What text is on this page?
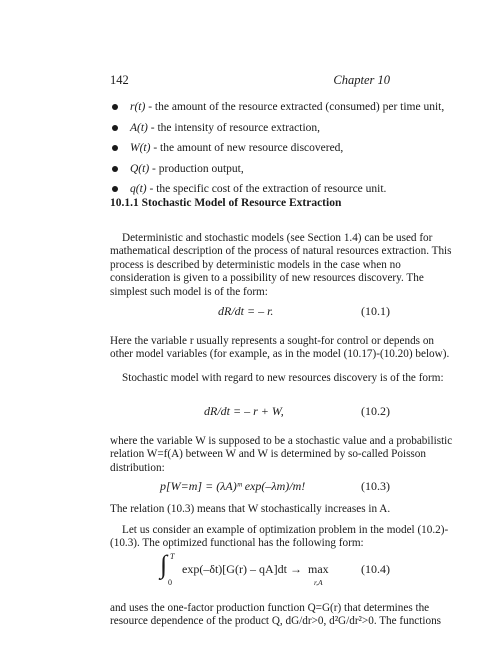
142	Chapter 10
r(t) - the amount of the resource extracted (consumed) per time unit,
A(t) - the intensity of resource extraction,
W(t) - the amount of new resource discovered,
Q(t) - production output,
q(t) - the specific cost of the extraction of resource unit.
10.1.1 Stochastic Model of Resource Extraction

Deterministic and stochastic models (see Section 1.4) can be used for
mathematical description of the process of natural resources extraction. This
process is described by deterministic models in the case when no
consideration is given to a possibility of new resources discovery. The
simplest such model is of the form:

dR/dt = – r.	(10.1)

Here the variable r usually represents a sought-for control or depends on
other model variables (for example, as in the model (10.17)-(10.20) below).

Stochastic model with regard to new resources discovery is of the form:

dR/dt = – r + W,	(10.2)

where the variable W is supposed to be a stochastic value and a probabilistic
relation W=f(A) between W and W is determined by so-called Poisson
distribution:

p[W=m] = (λA)ᵐ exp(–λm)/m!	(10.3)

The relation (10.3) means that W stochastically increases in A.

Let us consider an example of optimization problem in the model (10.2)-
(10.3). The optimized functional has the following form:

∫ T
0
exp(–δt)[G(r) – qA]dt → max
r,A
(10.4)

and uses the one-factor production function Q=G(r) that determines the
resource dependence of the product Q, dG/dr>0, d²G/dr²>0. The functions
